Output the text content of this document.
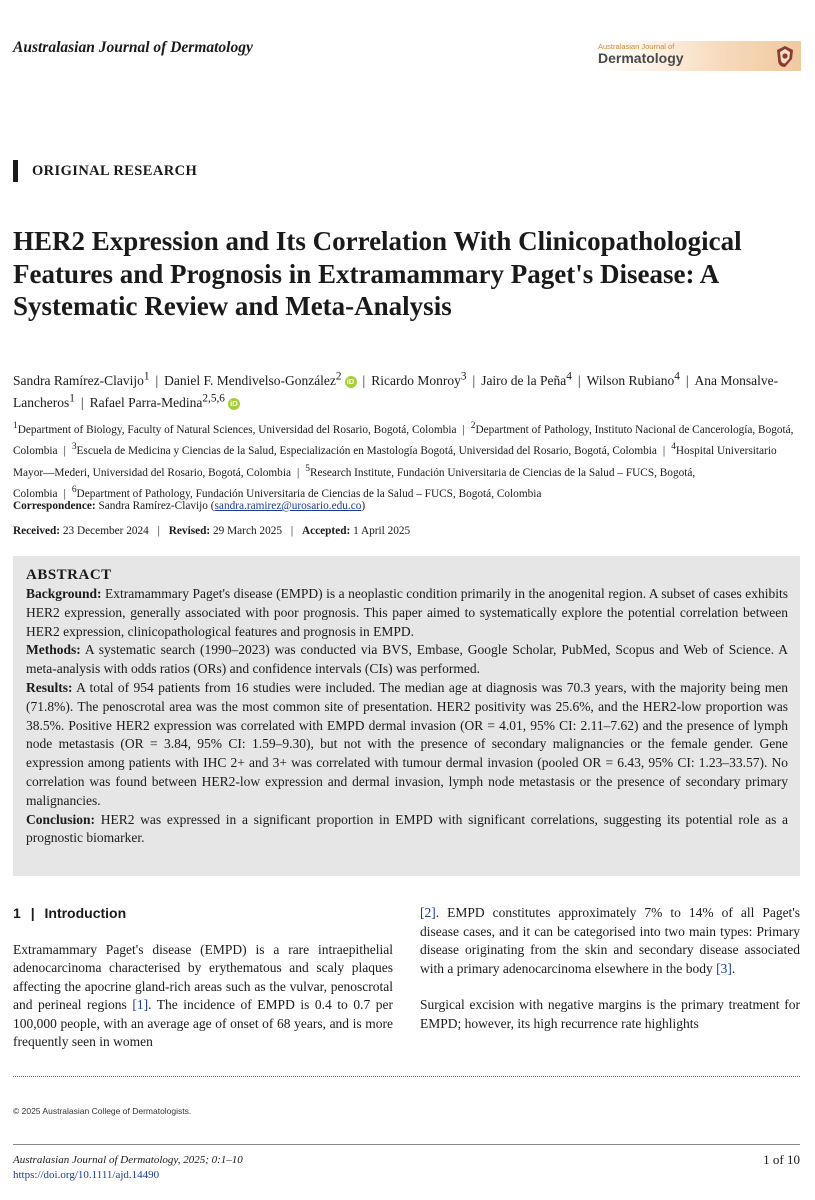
Australasian Journal of Dermatology	Australasian Journal of
Dermatology
ORIGINAL RESEARCH
HER2 Expression and Its Correlation With Clinicopathological Features and Prognosis in Extramammary Paget's Disease: A Systematic Review and Meta-Analysis
Sandra Ramírez-Clavijo$^1$ | Daniel F. Mendivelso-González$^2$ iD | Ricardo Monroy$^3$ | Jairo de la Peña$^4$ | Wilson Rubiano$^4$ | Ana Monsalve-Lancheros$^1$ | Rafael Parra-Medina$^{2,5,6}$ iD
$^1$Department of Biology, Faculty of Natural Sciences, Universidad del Rosario, Bogotá, Colombia | $^2$Department of Pathology, Instituto Nacional de Cancerología, Bogotá, Colombia | $^3$Escuela de Medicina y Ciencias de la Salud, Especialización en Mastología Bogotá, Universidad del Rosario, Bogotá, Colombia | $^4$Hospital Universitario Mayor—Mederi, Universidad del Rosario, Bogotá, Colombia | $^5$Research Institute, Fundación Universitaria de Ciencias de la Salud – FUCS, Bogotá, Colombia | $^6$Department of Pathology, Fundación Universitaria de Ciencias de la Salud – FUCS, Bogotá, Colombia
Correspondence: Sandra Ramírez-Clavijo (sandra.ramirez@urosario.edu.co)
Received: 23 December 2024 | Revised: 29 March 2025 | Accepted: 1 April 2025
ABSTRACT

Background: Extramammary Paget's disease (EMPD) is a neoplastic condition primarily in the anogenital region. A subset of cases exhibits HER2 expression, generally associated with poor prognosis. This paper aimed to systematically explore the potential correlation between HER2 expression, clinicopathological features and prognosis in EMPD.

Methods: A systematic search (1990–2023) was conducted via BVS, Embase, Google Scholar, PubMed, Scopus and Web of Science. A meta-analysis with odds ratios (ORs) and confidence intervals (CIs) was performed.

Results: A total of 954 patients from 16 studies were included. The median age at diagnosis was 70.3 years, with the majority being men (71.8%). The penoscrotal area was the most common site of presentation. HER2 positivity was 25.6%, and the HER2-low proportion was 38.5%. Positive HER2 expression was correlated with EMPD dermal invasion (OR = 4.01, 95% CI: 2.11–7.62) and the presence of lymph node metastasis (OR = 3.84, 95% CI: 1.59–9.30), but not with the presence of secondary malignancies or the female gender. Gene expression among patients with IHC 2+ and 3+ was correlated with tumour dermal invasion (pooled OR = 6.43, 95% CI: 1.23–33.57). No correlation was found between HER2-low expression and dermal invasion, lymph node metastasis or the presence of secondary primary malignancies.

Conclusion: HER2 was expressed in a significant proportion in EMPD with significant correlations, suggesting its potential role as a prognostic biomarker.

1 | Introduction

Extramammary Paget's disease (EMPD) is a rare intraepithelial adenocarcinoma characterised by erythematous and scaly plaques affecting the apocrine gland-rich areas such as the vulvar, penoscrotal and perineal regions [1]. The incidence of EMPD is 0.4 to 0.7 per 100,000 people, with an average age of onset of 68 years, and is more frequently seen in women

[2]. EMPD constitutes approximately 7% to 14% of all Paget's disease cases, and it can be categorised into two main types: Primary disease originating from the skin and secondary disease associated with a primary adenocarcinoma elsewhere in the body [3].

Surgical excision with negative margins is the primary treatment for EMPD; however, its high recurrence rate highlights

© 2025 Australasian College of Dermatologists.
Australasian Journal of Dermatology, 2025; 0:1–10
https://doi.org/10.1111/ajd.14490
1 of 10
